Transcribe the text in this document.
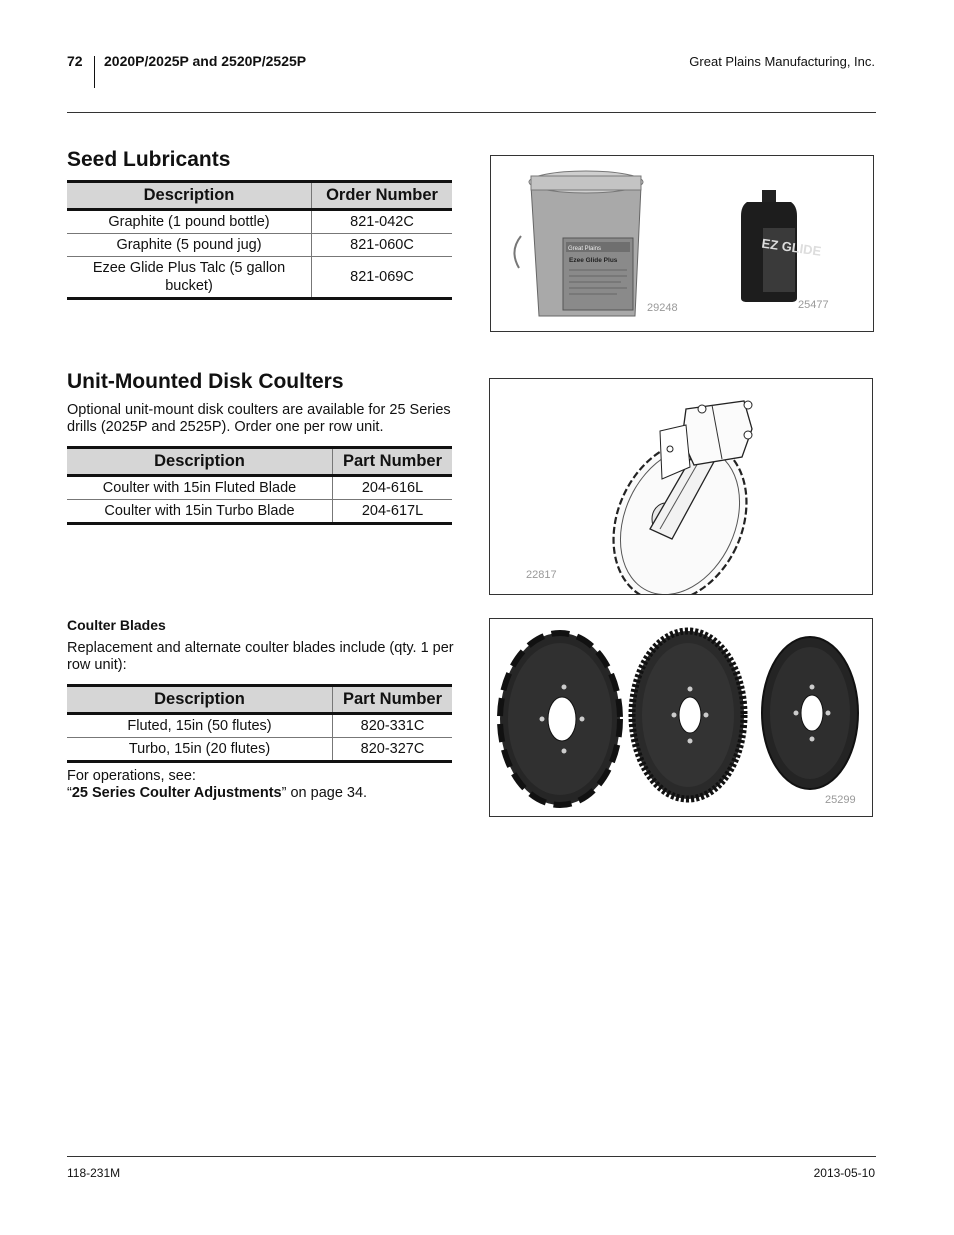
72 2020P/2025P and 2520P/2525P	Great Plains Manufacturing, Inc.
Seed Lubricants
Description	Order Number
Graphite (1 pound bottle)	821-042C
Graphite (5 pound jug)	821-060C
Ezee Glide Plus Talc (5 gallon bucket)	821-069C
Great Plains
Ezee Glide Plus
EZ GLIDE
29248	25477
Unit-Mounted Disk Coulters

Optional unit-mount disk coulters are available for 25 Series drills (2025P and 2525P). Order one per row unit.

Description	Part Number
Coulter with 15in Fluted Blade	204-616L
Coulter with 15in Turbo Blade	204-617L
22817
Coulter Blades

Replacement and alternate coulter blades include (qty. 1 per row unit):

Description	Part Number
Fluted, 15in (50 flutes)	820-331C
Turbo, 15in (20 flutes)	820-327C

For operations, see:
“25 Series Coulter Adjustments” on page 34.	25299
118-231M	2013-05-10
